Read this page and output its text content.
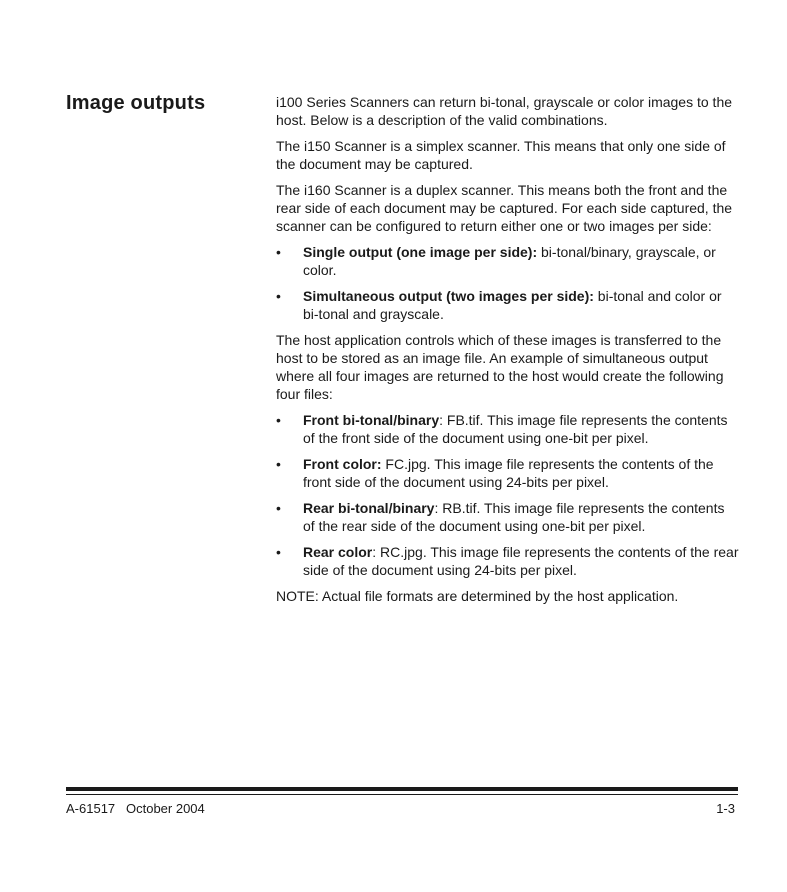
Image outputs	i100 Series Scanners can return bi-tonal, grayscale or color images to the host. Below is a description of the valid combinations.

The i150 Scanner is a simplex scanner. This means that only one side of the document may be captured.

The i160 Scanner is a duplex scanner. This means both the front and the rear side of each document may be captured. For each side captured, the scanner can be configured to return either one or two images per side:

• Single output (one image per side): bi-tonal/binary, grayscale, or color.
• Simultaneous output (two images per side): bi-tonal and color or bi-tonal and grayscale.

The host application controls which of these images is transferred to the host to be stored as an image file. An example of simultaneous output where all four images are returned to the host would create the following four files:

• Front bi-tonal/binary: FB.tif. This image file represents the contents of the front side of the document using one-bit per pixel.
• Front color: FC.jpg. This image file represents the contents of the front side of the document using 24-bits per pixel.
• Rear bi-tonal/binary: RB.tif. This image file represents the contents of the rear side of the document using one-bit per pixel.
• Rear color: RC.jpg. This image file represents the contents of the rear side of the document using 24-bits per pixel.

NOTE: Actual file formats are determined by the host application.

A-61517   October 2004	1-3
